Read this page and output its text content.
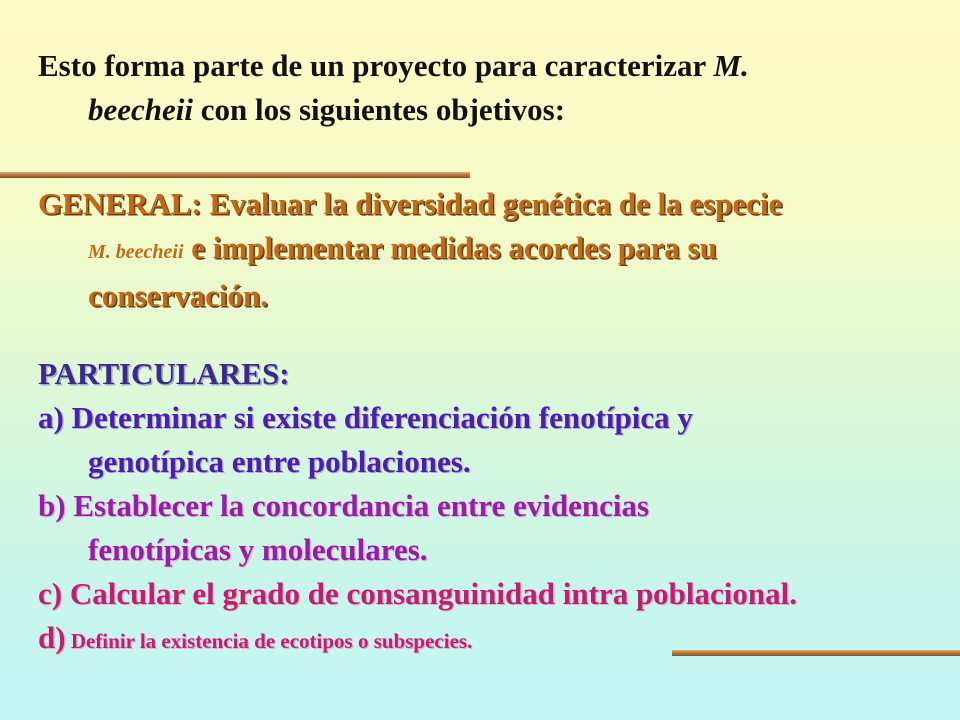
Esto forma parte de un proyecto para caracterizar M.
beecheii con los siguientes objetivos:
GENERAL: Evaluar la diversidad genética de la especie
M. beecheii e implementar medidas acordes para su
conservación.
PARTICULARES:
a) Determinar si existe diferenciación fenotípica y
genotípica entre poblaciones.
b) Establecer la concordancia entre evidencias
fenotípicas y moleculares.
c) Calcular el grado de consanguinidad intra poblacional.
d) Definir la existencia de ecotipos o subspecies.
